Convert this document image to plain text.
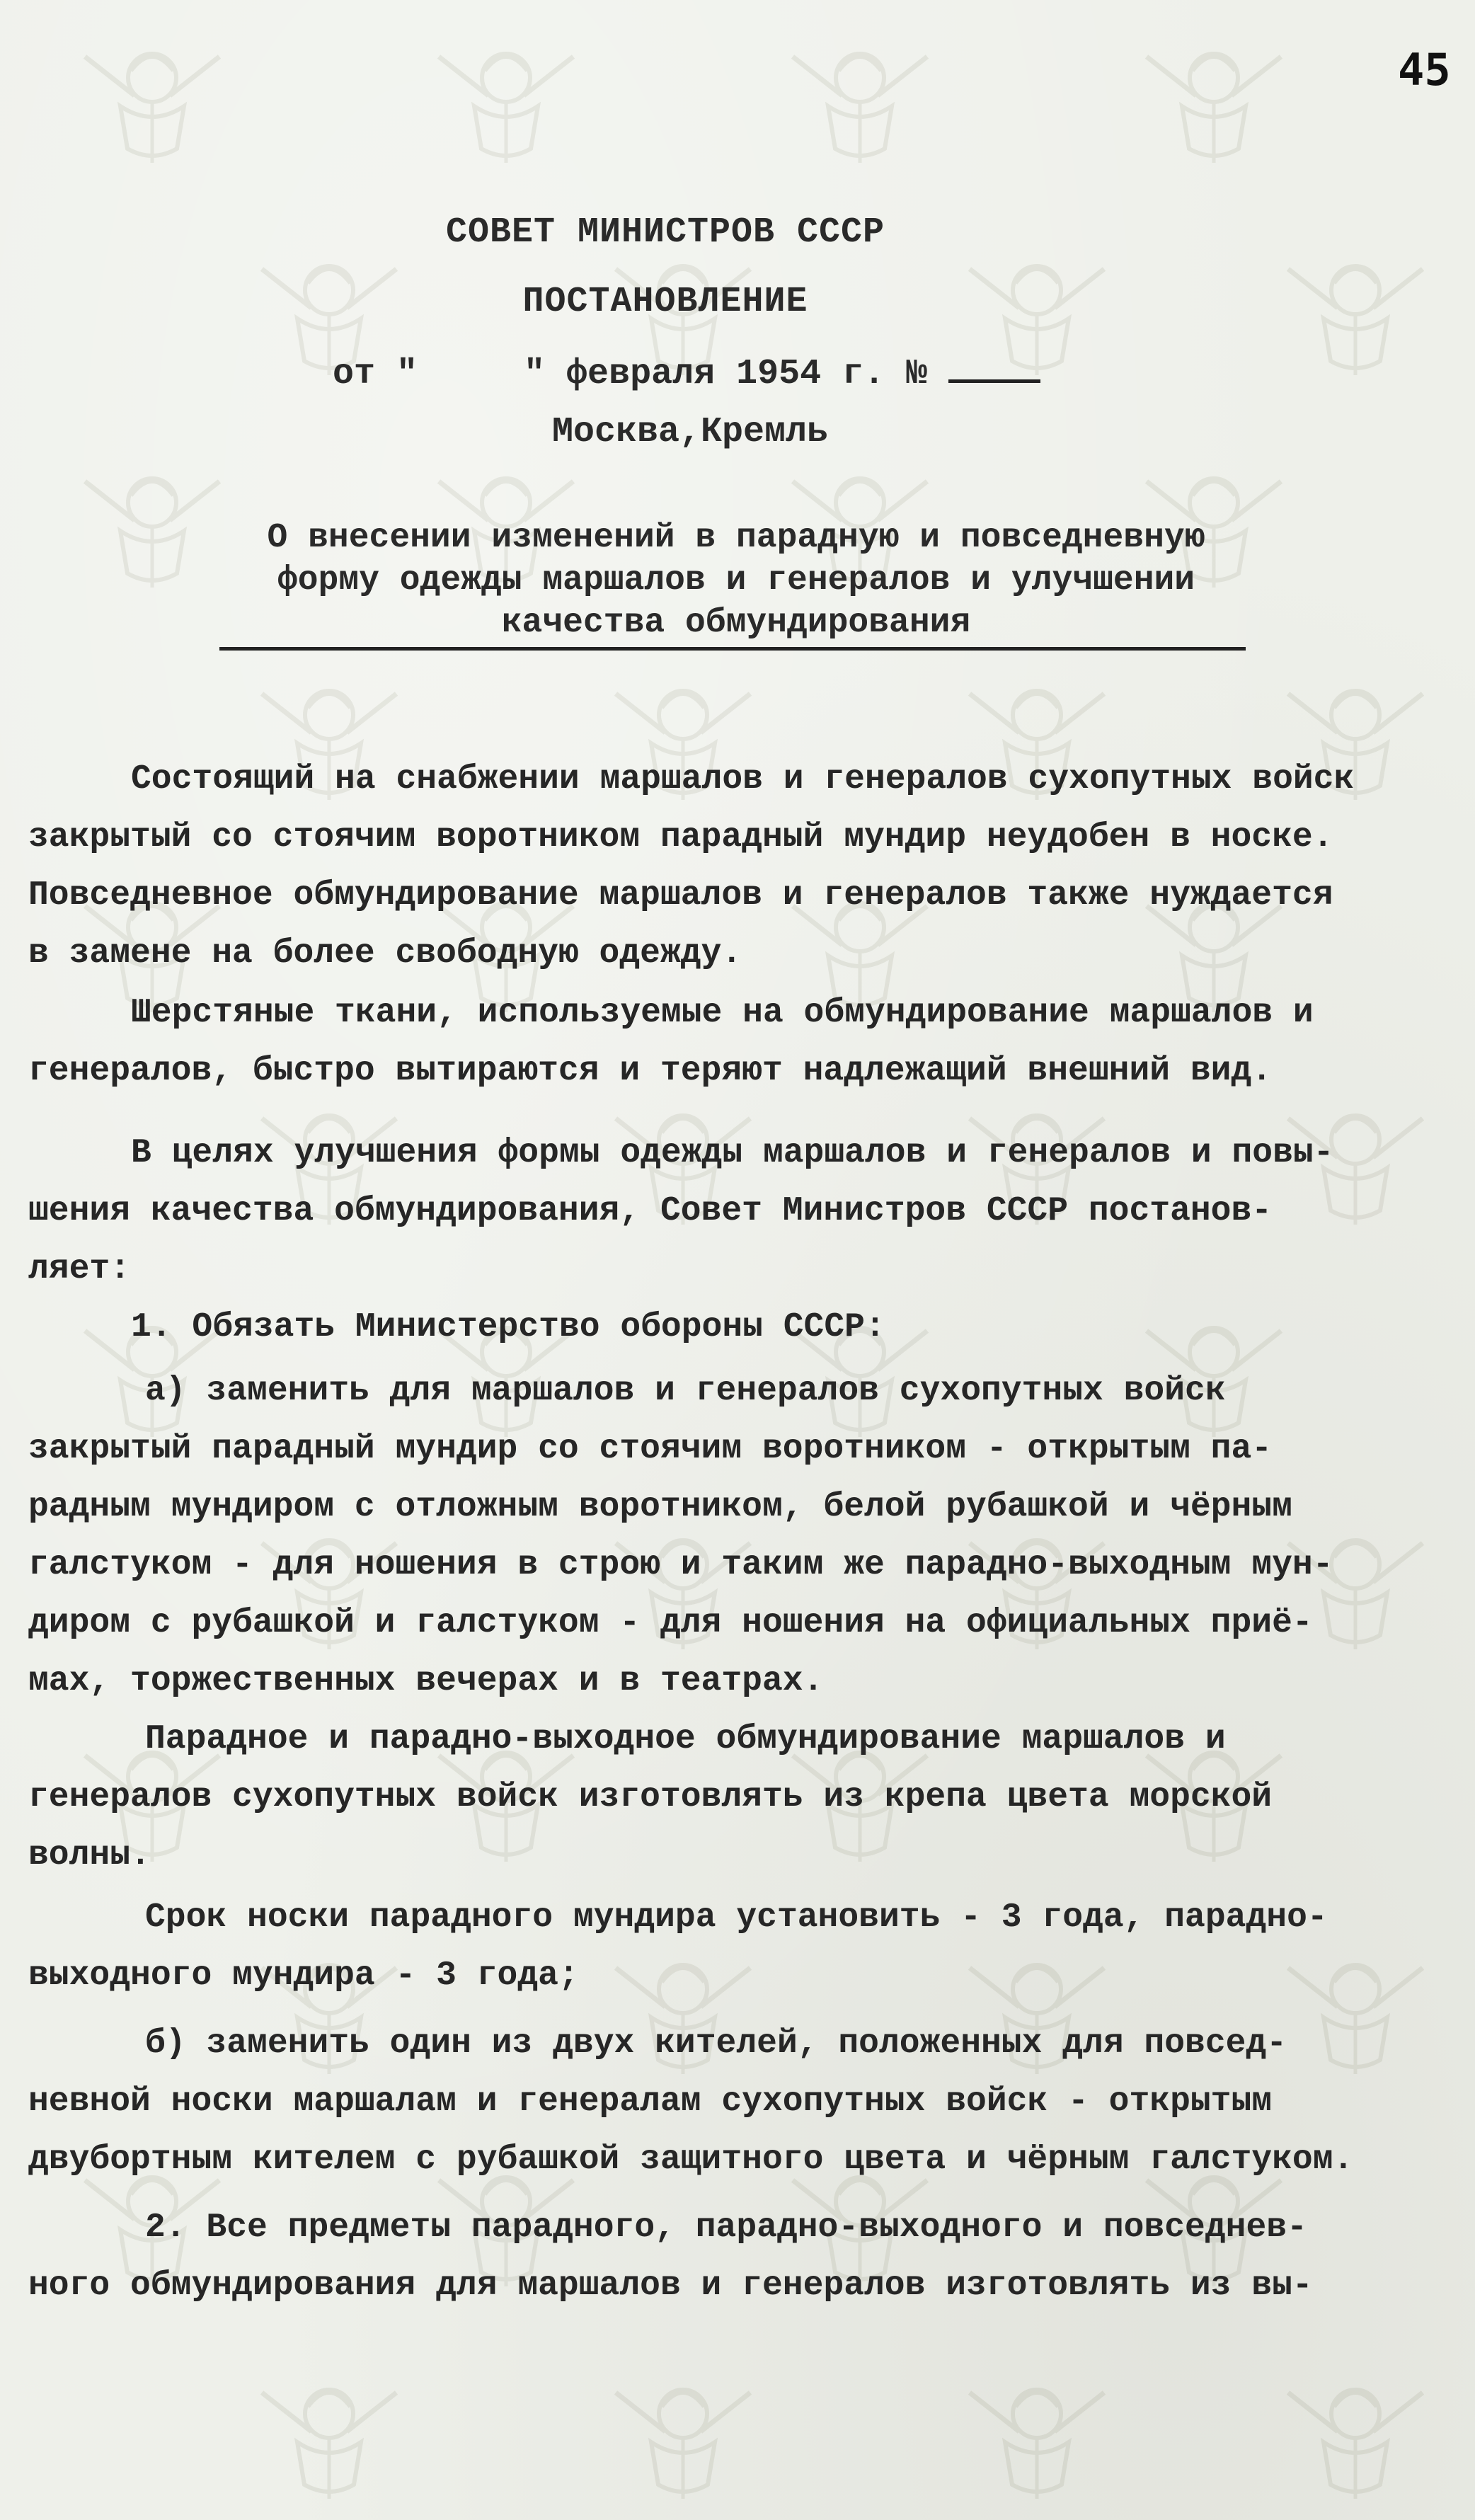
45
СОВЕТ МИНИСТРОВ СССР
ПОСТАНОВЛЕНИЕ
от "     " февраля 1954 г. №
Москва,Кремль
О внесении изменений в парадную и повседневную
форму одежды маршалов и генералов и улучшении
качества обмундирования
Состоящий на снабжении маршалов и генералов сухопутных войск
закрытый со стоячим воротником парадный мундир неудобен в носке.
Повседневное обмундирование маршалов и генералов также нуждается
в замене на более свободную одежду.
Шерстяные ткани, используемые на обмундирование маршалов и
генералов, быстро вытираются и теряют надлежащий внешний вид.
В целях улучшения формы одежды маршалов и генералов и повы-
шения качества обмундирования, Совет Министров СССР постанов-
ляет:
1. Обязать Министерство обороны СССР:
а) заменить для маршалов и генералов сухопутных войск
закрытый парадный мундир со стоячим воротником - открытым па-
радным мундиром с отложным воротником, белой рубашкой и чёрным
галстуком - для ношения в строю и таким же парадно-выходным мун-
диром с рубашкой и галстуком - для ношения на официальных приё-
мах, торжественных вечерах и в театрах.
Парадное и парадно-выходное обмундирование маршалов и
генералов сухопутных войск изготовлять из крепа цвета морской
волны.
Срок носки парадного мундира установить - 3 года, парадно-
выходного мундира - 3 года;
б) заменить один из двух кителей, положенных для повсед-
невной носки маршалам и генералам сухопутных войск - открытым
двубортным кителем с рубашкой защитного цвета и чёрным галстуком.
2. Все предметы парадного, парадно-выходного и повседнев-
ного обмундирования для маршалов и генералов изготовлять из вы-
